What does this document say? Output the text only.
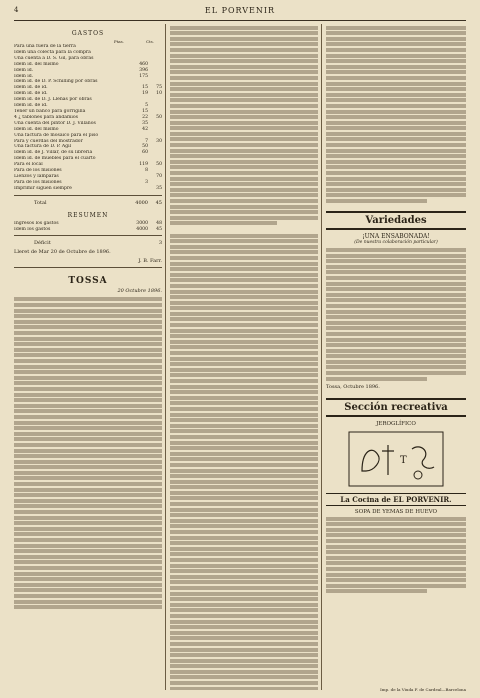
4	EL PORVENIR
GASTOS
Ptas.	Cts.
Para una fuera de la tierra
Idem una colecta para la compra
Una cuenta á D. S. Gil, para obras
Idem id. del mismo	460
Idem id.	396
Idem id.	175
Idem id. de D. P. Schilling por obras
Idem id. de id.	15	75
Idem id. de id.	19	10
Idem id. de D. J. Llenas por obras
Idem id. de id.	5
Tener un banco para gorrigilla	15
4 ¿ tablones para andamios	22	50
Una cuenta del pintor D. J. Villanos	35
Idem id. del mismo	42
Una factura de mosaico para el piso
Para y cuerdas del mostrador	7	30
Una factura de D. P. Agil	50
Idem id. de J. Villar, de su librería	60
Idem id. de muebles para el cuarto
Para el local	119	50
Para de los misiones	8
Lienzos y lámparas	70
Para de los misiones	3
Imprimir siguen siempre	35
Total	4000	45
RESUMEN
Ingresos los gastos	3000	48
Idem los gastos	4000	45
Déficit	3
Lleret de Mar 20 de Octubre de 1896.
J. B. Farr.
TOSSA
20 Octubre 1896.
Variedades
¡UNA ENSABONADA!
(De nuestra colaboración particular)
Tossa, Octubre 1896.
Sección recreativa
JEROGLÍFICO
T
La Cocina de EL PORVENIR.
SOPA DE YEMAS DE HUEVO
Imp. de la Viuda F. de Cardeal—Barcelona
